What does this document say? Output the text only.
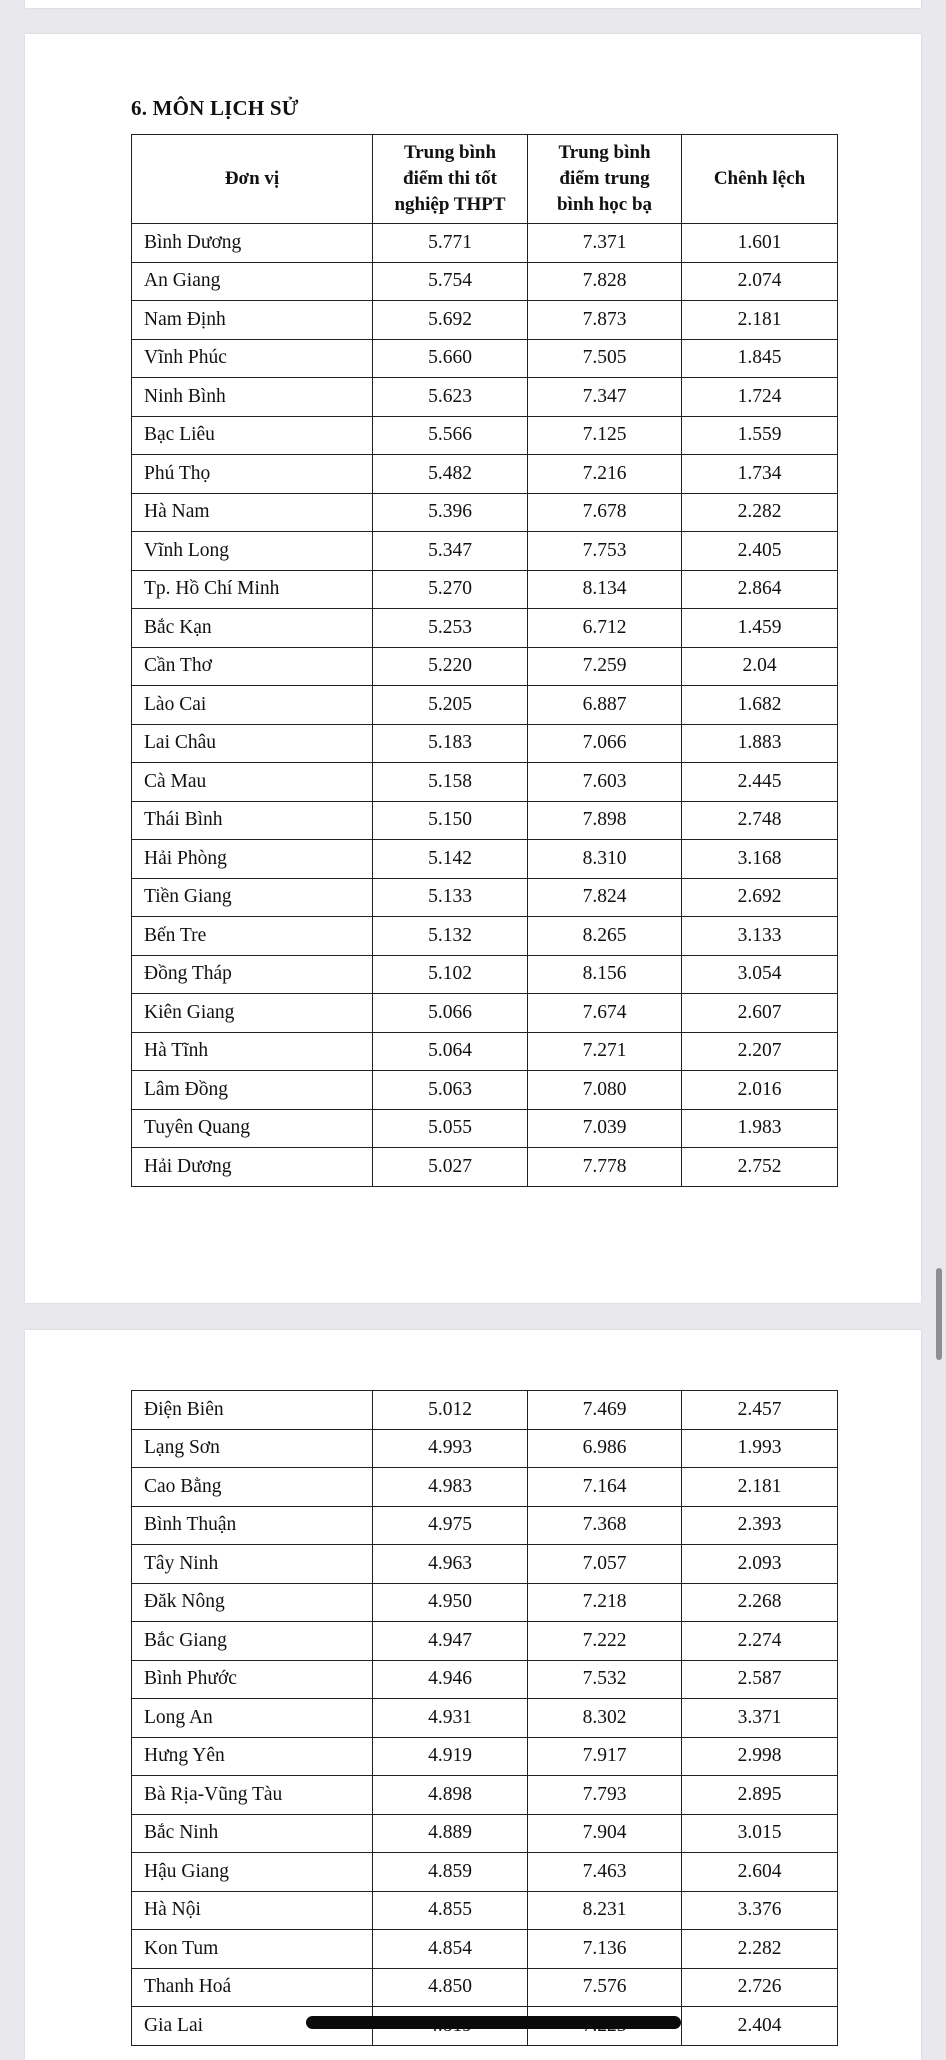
6. MÔN LỊCH SỬ
Đơn vị	Trung bình
điểm thi tốt
nghiệp THPT	Trung bình
điểm trung
bình học bạ	Chênh lệch
Bình Dương	5.771	7.371	1.601
An Giang	5.754	7.828	2.074
Nam Định	5.692	7.873	2.181
Vĩnh Phúc	5.660	7.505	1.845
Ninh Bình	5.623	7.347	1.724
Bạc Liêu	5.566	7.125	1.559
Phú Thọ	5.482	7.216	1.734
Hà Nam	5.396	7.678	2.282
Vĩnh Long	5.347	7.753	2.405
Tp. Hồ Chí Minh	5.270	8.134	2.864
Bắc Kạn	5.253	6.712	1.459
Cần Thơ	5.220	7.259	2.04
Lào Cai	5.205	6.887	1.682
Lai Châu	5.183	7.066	1.883
Cà Mau	5.158	7.603	2.445
Thái Bình	5.150	7.898	2.748
Hải Phòng	5.142	8.310	3.168
Tiền Giang	5.133	7.824	2.692
Bến Tre	5.132	8.265	3.133
Đồng Tháp	5.102	8.156	3.054
Kiên Giang	5.066	7.674	2.607
Hà Tĩnh	5.064	7.271	2.207
Lâm Đồng	5.063	7.080	2.016
Tuyên Quang	5.055	7.039	1.983
Hải Dương	5.027	7.778	2.752
Điện Biên	5.012	7.469	2.457
Lạng Sơn	4.993	6.986	1.993
Cao Bằng	4.983	7.164	2.181
Bình Thuận	4.975	7.368	2.393
Tây Ninh	4.963	7.057	2.093
Đăk Nông	4.950	7.218	2.268
Bắc Giang	4.947	7.222	2.274
Bình Phước	4.946	7.532	2.587
Long An	4.931	8.302	3.371
Hưng Yên	4.919	7.917	2.998
Bà Rịa-Vũng Tàu	4.898	7.793	2.895
Bắc Ninh	4.889	7.904	3.015
Hậu Giang	4.859	7.463	2.604
Hà Nội	4.855	8.231	3.376
Kon Tum	4.854	7.136	2.282
Thanh Hoá	4.850	7.576	2.726
Gia Lai			2.404
